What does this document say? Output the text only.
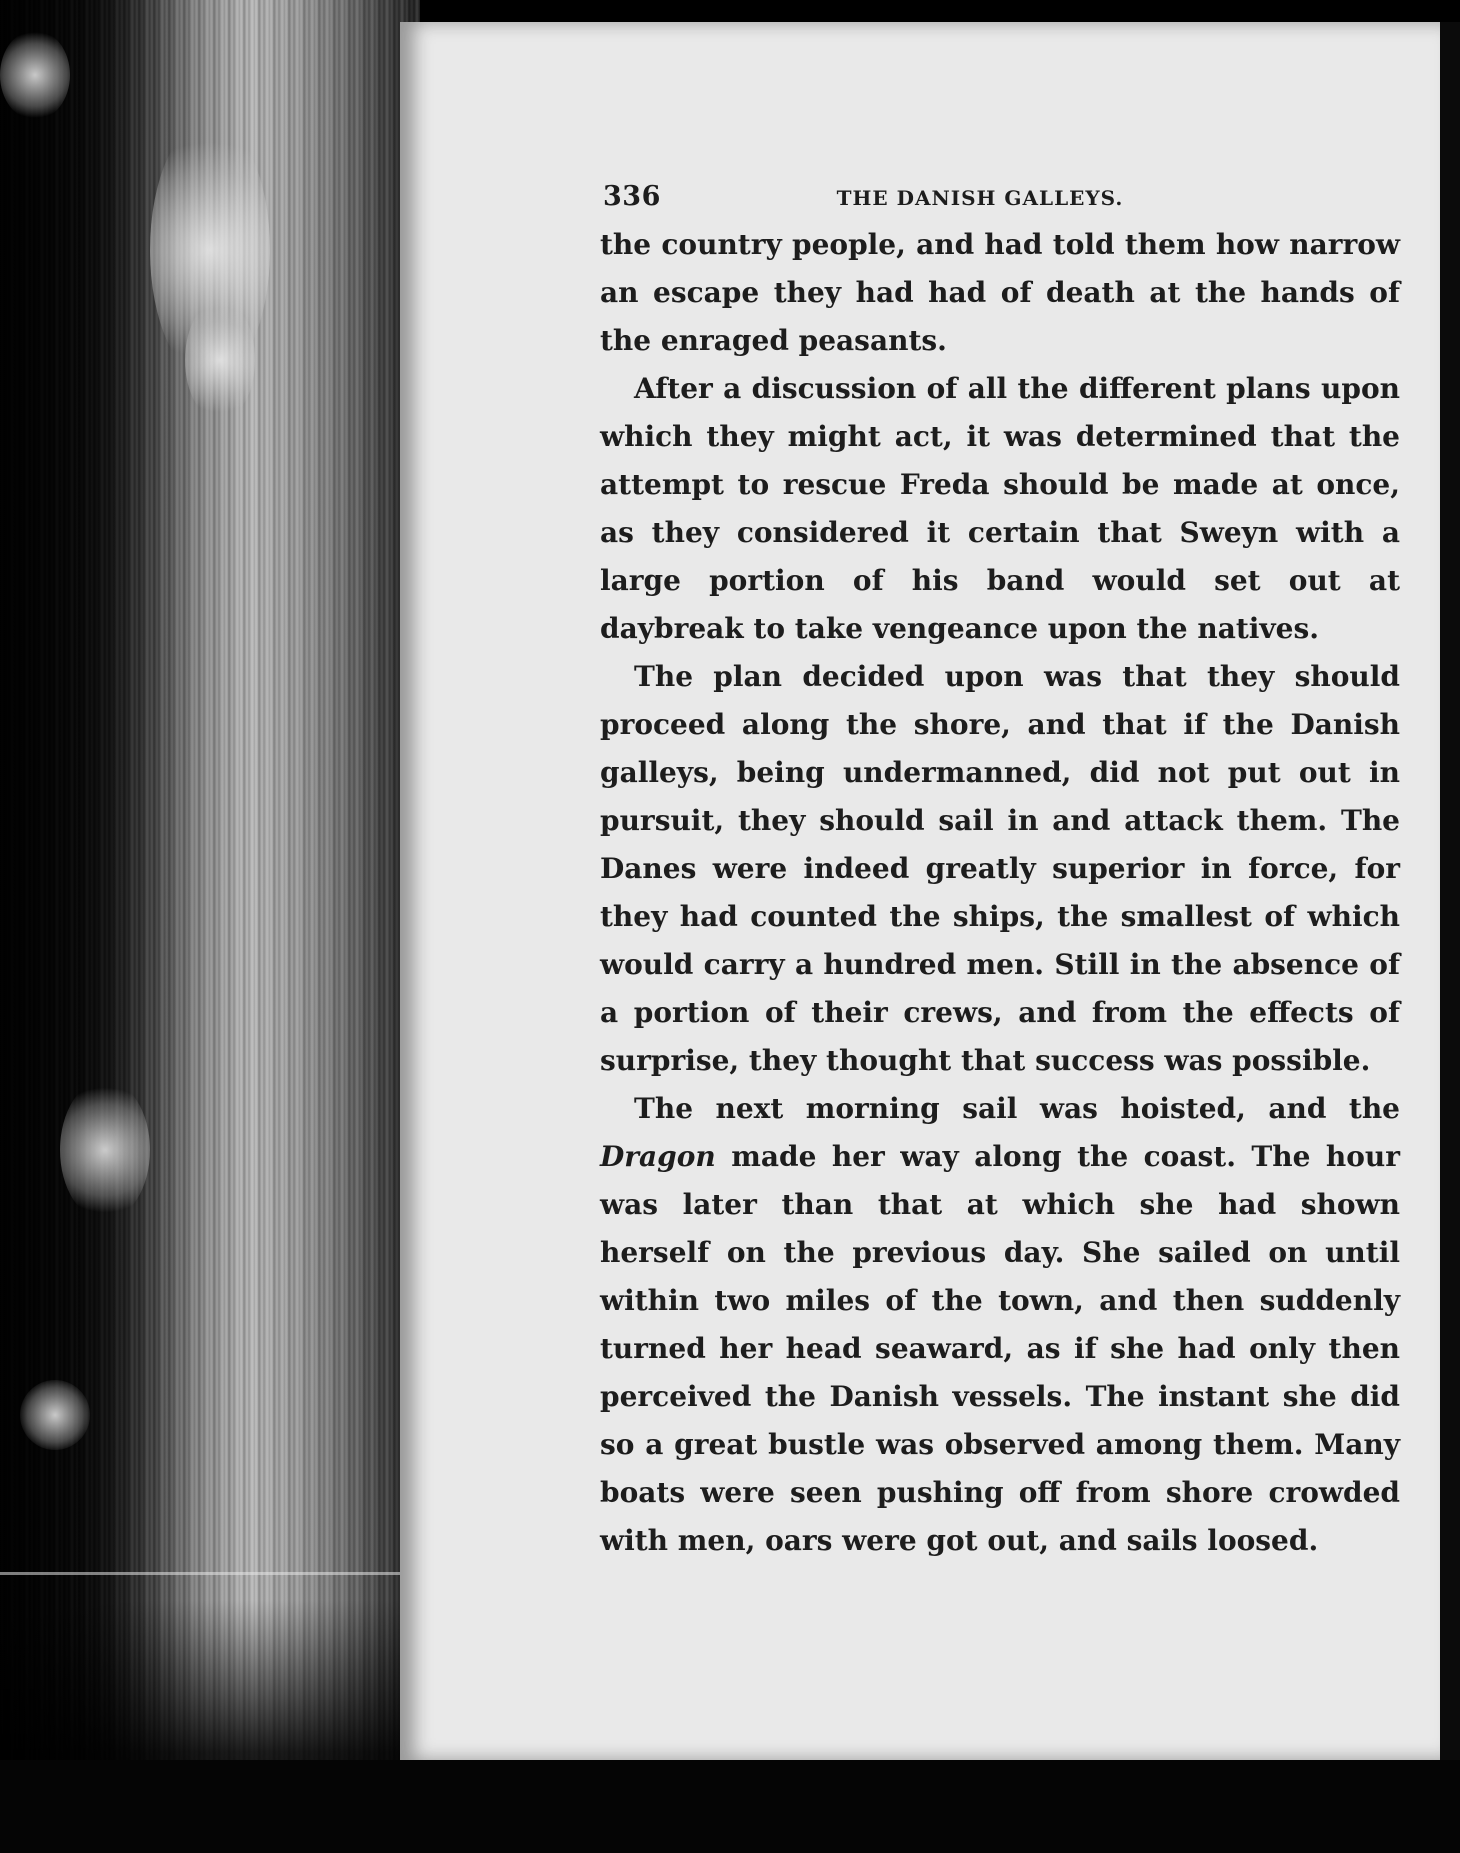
336	THE DANISH GALLEYS.

the country people, and had told them how narrow an escape they had had of death at the hands of the enraged peasants.

After a discussion of all the different plans upon which they might act, it was determined that the attempt to rescue Freda should be made at once, as they considered it certain that Sweyn with a large portion of his band would set out at daybreak to take vengeance upon the natives.

The plan decided upon was that they should proceed along the shore, and that if the Danish galleys, being undermanned, did not put out in pursuit, they should sail in and attack them. The Danes were indeed greatly superior in force, for they had counted the ships, the smallest of which would carry a hundred men. Still in the absence of a portion of their crews, and from the effects of surprise, they thought that success was possible.

The next morning sail was hoisted, and the Dragon made her way along the coast. The hour was later than that at which she had shown herself on the previous day. She sailed on until within two miles of the town, and then suddenly turned her head seaward, as if she had only then perceived the Danish vessels. The instant she did so a great bustle was observed among them. Many boats were seen pushing off from shore crowded with men, oars were got out, and sails loosed.
